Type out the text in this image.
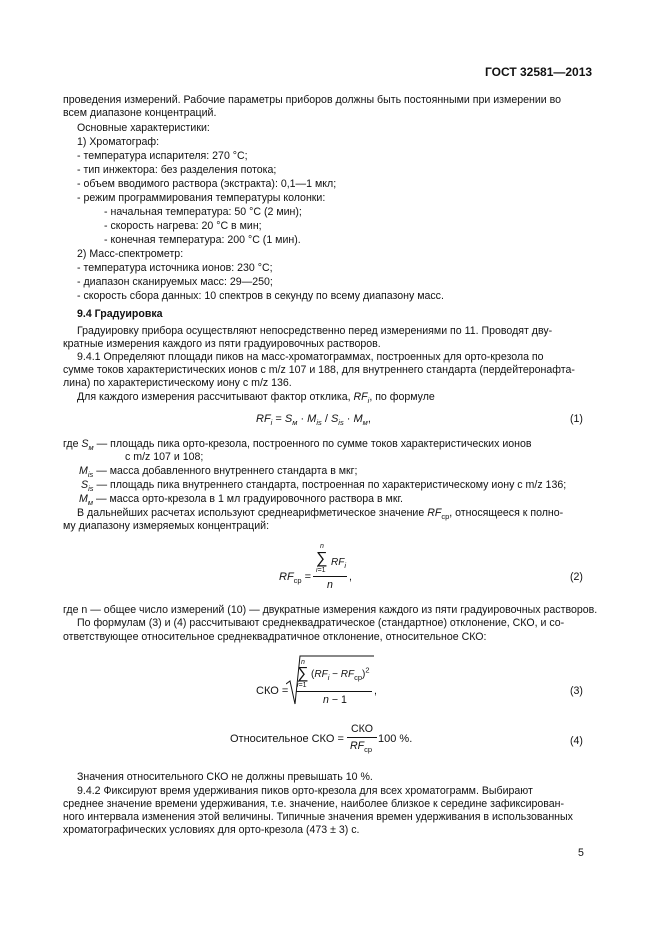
ГОСТ 32581—2013
проведения измерений. Рабочие параметры приборов должны быть постоянными при измерении во
всем диапазоне концентраций.
Основные характеристики:
1) Хроматограф:
- температура испарителя: 270 °С;
- тип инжектора: без разделения потока;
- объем вводимого раствора (экстракта): 0,1—1 мкл;
- режим программирования температуры колонки:
- начальная температура: 50 °С (2 мин);
- скорость нагрева: 20 °С в мин;
- конечная температура: 200 °С (1 мин).
2) Масс-спектрометр:
- температура источника ионов: 230 °С;
- диапазон сканируемых масс: 29—250;
- скорость сбора данных: 10 спектров в секунду по всему диапазону масс.
9.4 Градуировка
Градуировку прибора осуществляют непосредственно перед измерениями по 11. Проводят дву-
кратные измерения каждого из пяти градуировочных растворов.
9.4.1 Определяют площади пиков на масс-хроматограммах, построенных для орто-крезола по
сумме токов характеристических ионов с m/z 107 и 188, для внутреннего стандарта (пердейтеронафта-
лина) по характеристическому иону с m/z 136.
Для каждого измерения рассчитывают фактор отклика, $RF_i$, по формуле
$RF_i = S_м \cdot M_{is} / S_{is} \cdot M_м$,	(1)
где $S_м$ — площадь пика орто-крезола, построенного по сумме токов характеристических ионов
с m/z 107 и 108;
$M_{is}$ — масса добавленного внутреннего стандарта в мкг;
$S_{is}$ — площадь пика внутреннего стандарта, построенная по характеристическому иону с m/z 136;
$M_м$ — масса орто-крезола в 1 мл градуировочного раствора в мкг.
В дальнейших расчетах используют среднеарифметическое значение $RF_{ср}$, относящееся к полно-
му диапазону измеряемых концентраций:
$RF_{ср}$ =
n
∑ $RF_i$
i=1
n
,	(2)
где n — общее число измерений (10) — двукратные измерения каждого из пяти градуировочных растворов.
По формулам (3) и (4) рассчитывают среднеквадратическое (стандартное) отклонение, СКО, и со-
ответствующее относительное среднеквадратичное отклонение, относительное СКО:
СКО =
n
∑ $(RF_i - RF_{ср})^2$
i=1
n − 1
,	(3)
Относительное СКО =
СКО
$RF_{ср}$
100 %.	(4)
Значения относительного СКО не должны превышать 10 %.
9.4.2 Фиксируют время удерживания пиков орто-крезола для всех хроматограмм. Выбирают
среднее значение времени удерживания, т.е. значение, наиболее близкое к середине зафиксирован-
ного интервала изменения этой величины. Типичные значения времен удерживания в использованных
хроматографических условиях для орто-крезола (473 ± 3) с.
5
